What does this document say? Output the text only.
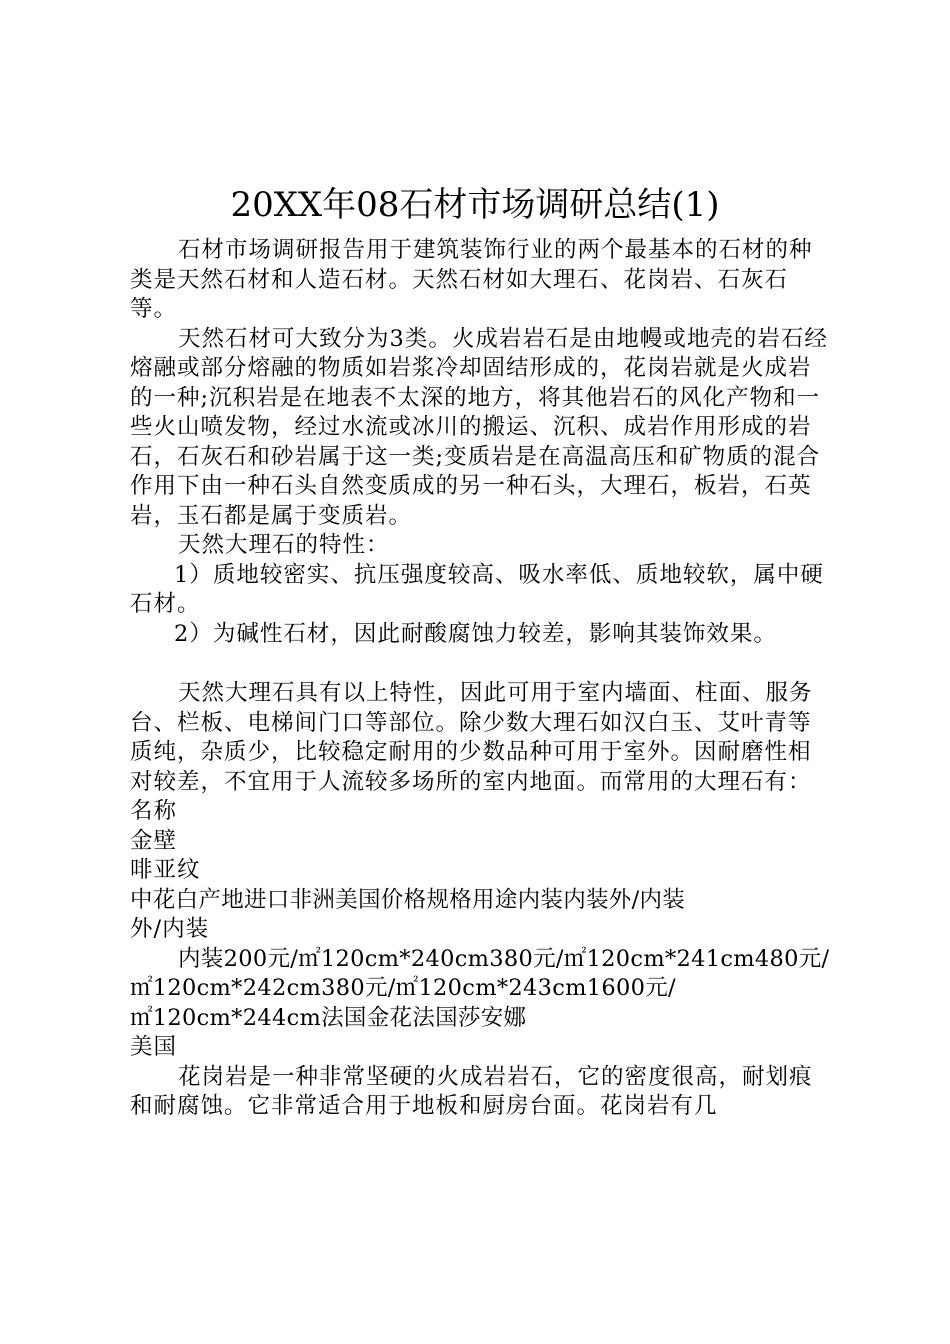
20XX年08石材市场调研总结(1)

石材市场调研报告用于建筑装饰行业的两个最基本的石材的种类是天然石材和人造石材。天然石材如大理石、花岗岩、石灰石等。

天然石材可大致分为3类。火成岩岩石是由地幔或地壳的岩石经熔融或部分熔融的物质如岩浆冷却固结形成的，花岗岩就是火成岩的一种;沉积岩是在地表不太深的地方，将其他岩石的风化产物和一些火山喷发物，经过水流或冰川的搬运、沉积、成岩作用形成的岩石，石灰石和砂岩属于这一类;变质岩是在高温高压和矿物质的混合作用下由一种石头自然变质成的另一种石头，大理石，板岩，石英岩，玉石都是属于变质岩。

天然大理石的特性：

1）质地较密实、抗压强度较高、吸水率低、质地较软，属中硬石材。

2）为碱性石材，因此耐酸腐蚀力较差，影响其装饰效果。

天然大理石具有以上特性，因此可用于室内墙面、柱面、服务台、栏板、电梯间门口等部位。除少数大理石如汉白玉、艾叶青等质纯，杂质少，比较稳定耐用的少数品种可用于室外。因耐磨性相对较差，不宜用于人流较多场所的室内地面。而常用的大理石有：

名称

金壁

啡亚纹

中花白产地进口非洲美国价格规格用途内装内装外/内装

外/内装

内装200元/㎡120cm*240cm380元/㎡120cm*241cm480元/㎡120cm*242cm380元/㎡120cm*243cm1600元/

㎡120cm*244cm法国金花法国莎安娜

美国

花岗岩是一种非常坚硬的火成岩岩石，它的密度很高，耐划痕和耐腐蚀。它非常适合用于地板和厨房台面。花岗岩有几
